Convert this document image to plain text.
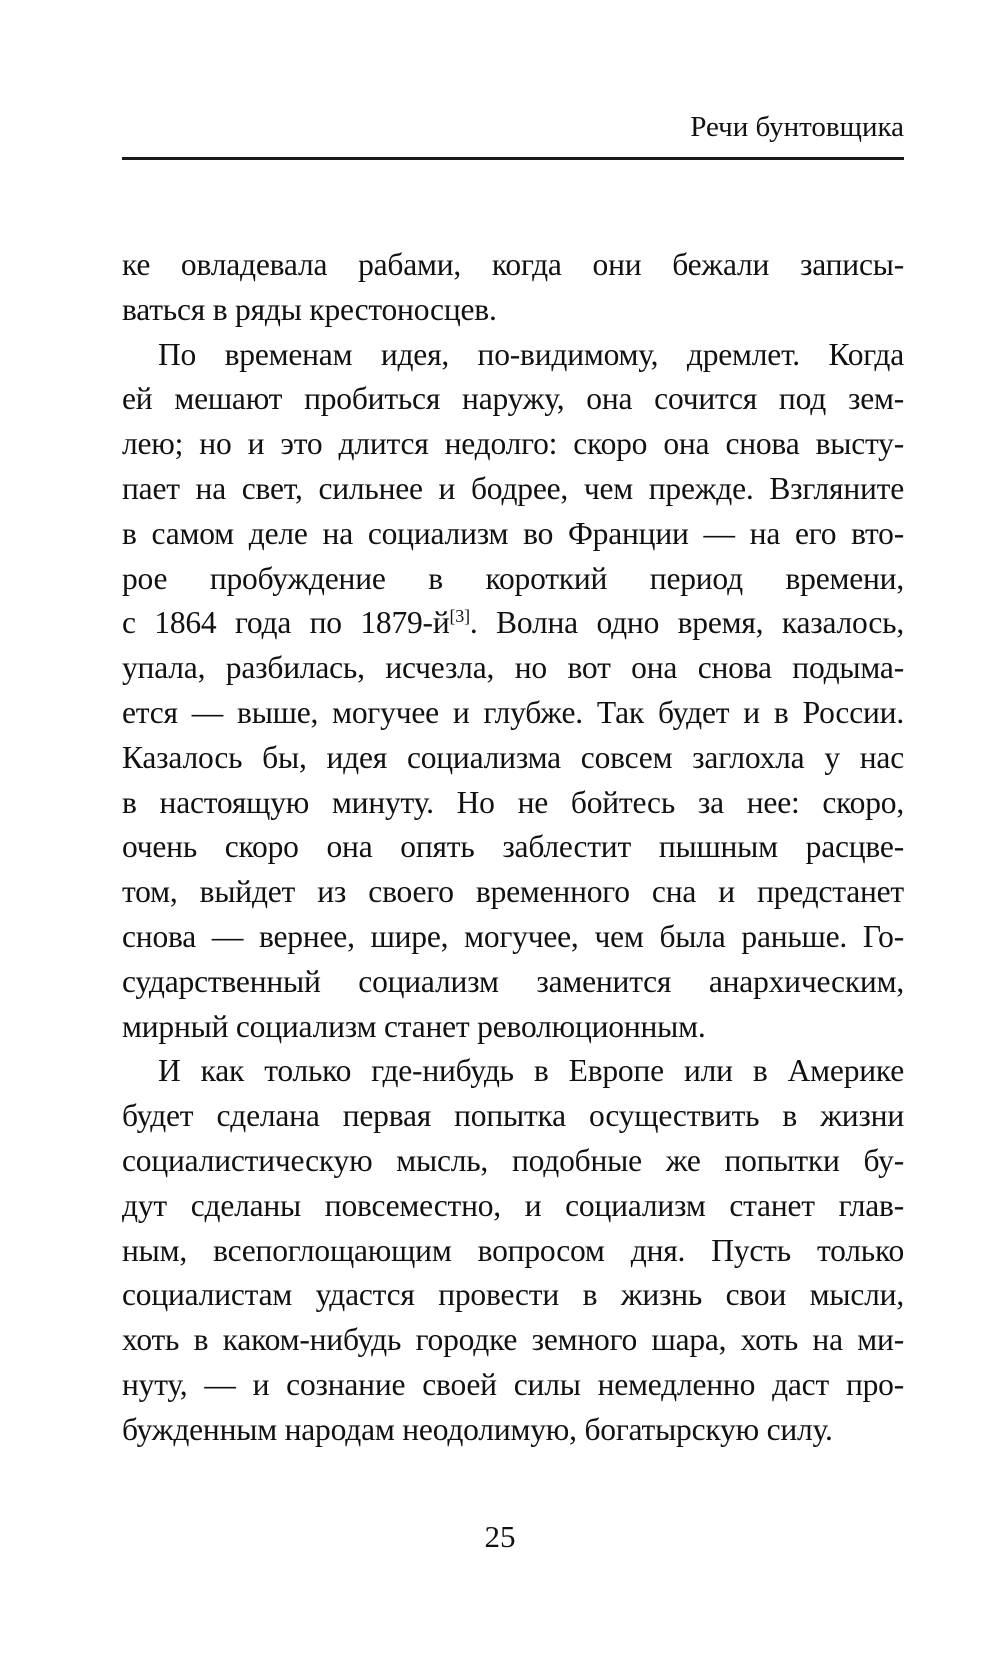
Речи бунтовщика
ке овладевала рабами, когда они бежали записы-
ваться в ряды крестоносцев.
По временам идея, по-видимому, дремлет. Когда
ей мешают пробиться наружу, она сочится под зем-
лею; но и это длится недолго: скоро она снова высту-
пает на свет, сильнее и бодрее, чем прежде. Взгляните
в самом деле на социализм во Франции — на его вто-
рое пробуждение в короткий период времени,
с 1864 года по 1879-й[3]. Волна одно время, казалось,
упала, разбилась, исчезла, но вот она снова подыма-
ется — выше, могучее и глубже. Так будет и в России.
Казалось бы, идея социализма совсем заглохла у нас
в настоящую минуту. Но не бойтесь за нее: скоро,
очень скоро она опять заблестит пышным расцве-
том, выйдет из своего временного сна и предстанет
снова — вернее, шире, могучее, чем была раньше. Го-
сударственный социализм заменится анархическим,
мирный социализм станет революционным.
И как только где-нибудь в Европе или в Америке
будет сделана первая попытка осуществить в жизни
социалистическую мысль, подобные же попытки бу-
дут сделаны повсеместно, и социализм станет глав-
ным, всепоглощающим вопросом дня. Пусть только
социалистам удастся провести в жизнь свои мысли,
хоть в каком-нибудь городке земного шара, хоть на ми-
нуту, — и сознание своей силы немедленно даст про-
бужденным народам неодолимую, богатырскую силу.
25
